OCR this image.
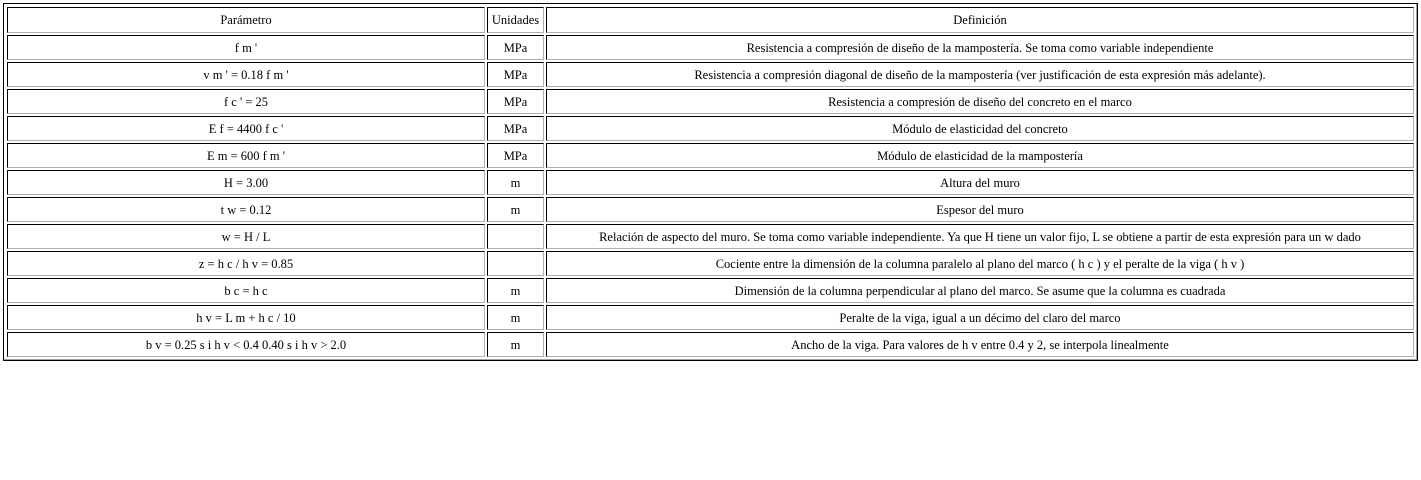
Parámetro	Unidades	Definición
f m '	MPa	Resistencia a compresión de diseño de la mampostería. Se toma como variable independiente
v m ' = 0.18 f m '	MPa	Resistencia a compresión diagonal de diseño de la mampostería (ver justificación de esta expresión más adelante).
f c ' = 25	MPa	Resistencia a compresión de diseño del concreto en el marco
E f = 4400 f c '	MPa	Módulo de elasticidad del concreto
E m = 600 f m '	MPa	Módulo de elasticidad de la mampostería
H = 3.00	m	Altura del muro
t w = 0.12	m	Espesor del muro
w = H / L		Relación de aspecto del muro. Se toma como variable independiente. Ya que H tiene un valor fijo, L se obtiene a partir de esta expresión para un w dado
z = h c / h v = 0.85		Cociente entre la dimensión de la columna paralelo al plano del marco ( h c ) y el peralte de la viga ( h v )
b c = h c	m	Dimensión de la columna perpendicular al plano del marco. Se asume que la columna es cuadrada
h v = L m + h c / 10	m	Peralte de la viga, igual a un décimo del claro del marco
b v = 0.25 s i h v < 0.4 0.40 s i h v > 2.0	m	Ancho de la viga. Para valores de h v entre 0.4 y 2, se interpola linealmente
